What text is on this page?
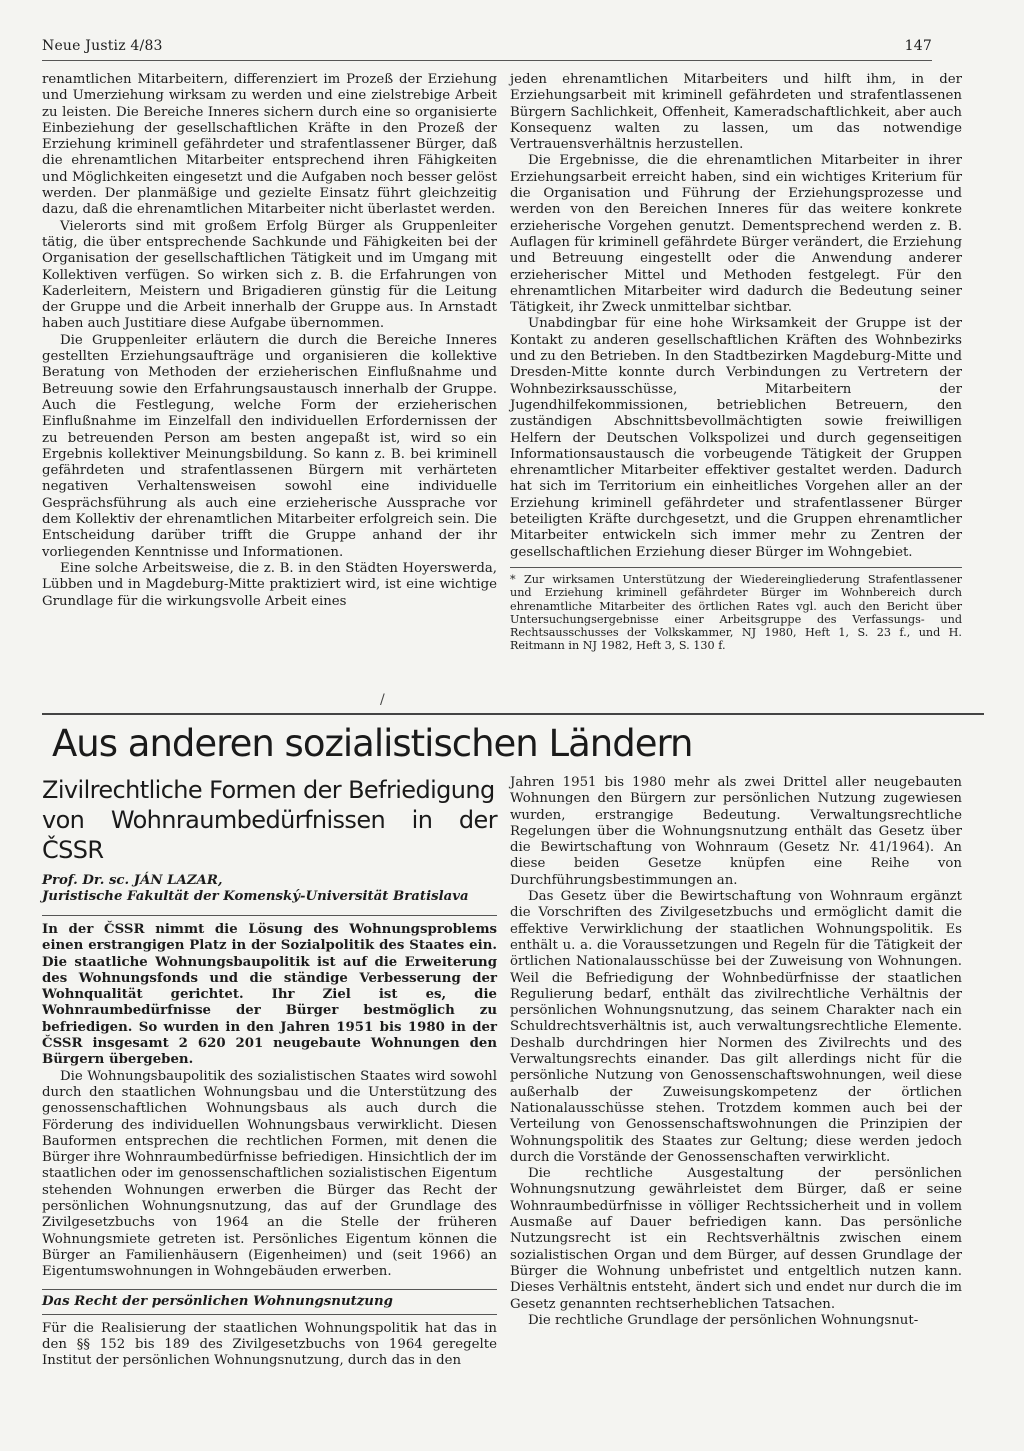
Neue Justiz 4/83	147

renamtlichen Mitarbeitern, differenziert im Prozeß der Erziehung und Umerziehung wirksam zu werden und eine zielstrebige Arbeit zu leisten. Die Bereiche Inneres sichern durch eine so organisierte Einbeziehung der gesellschaftlichen Kräfte in den Prozeß der Erziehung kriminell gefährdeter und strafentlassener Bürger, daß die ehrenamtlichen Mitarbeiter entsprechend ihren Fähigkeiten und Möglichkeiten eingesetzt und die Aufgaben noch besser gelöst werden. Der planmäßige und gezielte Einsatz führt gleichzeitig dazu, daß die ehrenamtlichen Mitarbeiter nicht überlastet werden.

Vielerorts sind mit großem Erfolg Bürger als Gruppenleiter tätig, die über entsprechende Sachkunde und Fähigkeiten bei der Organisation der gesellschaftlichen Tätigkeit und im Umgang mit Kollektiven verfügen. So wirken sich z. B. die Erfahrungen von Kaderleitern, Meistern und Brigadieren günstig für die Leitung der Gruppe und die Arbeit innerhalb der Gruppe aus. In Arnstadt haben auch Justitiare diese Aufgabe übernommen.

Die Gruppenleiter erläutern die durch die Bereiche Inneres gestellten Erziehungsaufträge und organisieren die kollektive Beratung von Methoden der erzieherischen Einflußnahme und Betreuung sowie den Erfahrungsaustausch innerhalb der Gruppe. Auch die Festlegung, welche Form der erzieherischen Einflußnahme im Einzelfall den individuellen Erfordernissen der zu betreuenden Person am besten angepaßt ist, wird so ein Ergebnis kollektiver Meinungsbildung. So kann z. B. bei kriminell gefährdeten und strafentlassenen Bürgern mit verhärteten negativen Verhaltensweisen sowohl eine individuelle Gesprächsführung als auch eine erzieherische Aussprache vor dem Kollektiv der ehrenamtlichen Mitarbeiter erfolgreich sein. Die Entscheidung darüber trifft die Gruppe anhand der ihr vorliegenden Kenntnisse und Informationen.

Eine solche Arbeitsweise, die z. B. in den Städten Hoyerswerda, Lübben und in Magdeburg-Mitte praktiziert wird, ist eine wichtige Grundlage für die wirkungsvolle Arbeit eines

jeden ehrenamtlichen Mitarbeiters und hilft ihm, in der Erziehungsarbeit mit kriminell gefährdeten und strafentlassenen Bürgern Sachlichkeit, Offenheit, Kameradschaftlichkeit, aber auch Konsequenz walten zu lassen, um das notwendige Vertrauensverhältnis herzustellen.

Die Ergebnisse, die die ehrenamtlichen Mitarbeiter in ihrer Erziehungsarbeit erreicht haben, sind ein wichtiges Kriterium für die Organisation und Führung der Erziehungsprozesse und werden von den Bereichen Inneres für das weitere konkrete erzieherische Vorgehen genutzt. Dementsprechend werden z. B. Auflagen für kriminell gefährdete Bürger verändert, die Erziehung und Betreuung eingestellt oder die Anwendung anderer erzieherischer Mittel und Methoden festgelegt. Für den ehrenamtlichen Mitarbeiter wird dadurch die Bedeutung seiner Tätigkeit, ihr Zweck unmittelbar sichtbar.

Unabdingbar für eine hohe Wirksamkeit der Gruppe ist der Kontakt zu anderen gesellschaftlichen Kräften des Wohnbezirks und zu den Betrieben. In den Stadtbezirken Magdeburg-Mitte und Dresden-Mitte konnte durch Verbindungen zu Vertretern der Wohnbezirksausschüsse, Mitarbeitern der Jugendhilfekommissionen, betrieblichen Betreuern, den zuständigen Abschnittsbevollmächtigten sowie freiwilligen Helfern der Deutschen Volkspolizei und durch gegenseitigen Informationsaustausch die vorbeugende Tätigkeit der Gruppen ehrenamtlicher Mitarbeiter effektiver gestaltet werden. Dadurch hat sich im Territorium ein einheitliches Vorgehen aller an der Erziehung kriminell gefährdeter und strafentlassener Bürger beteiligten Kräfte durchgesetzt, und die Gruppen ehrenamtlicher Mitarbeiter entwickeln sich immer mehr zu Zentren der gesellschaftlichen Erziehung dieser Bürger im Wohngebiet.

* Zur wirksamen Unterstützung der Wiedereingliederung Strafentlassener und Erziehung kriminell gefährdeter Bürger im Wohnbereich durch ehrenamtliche Mitarbeiter des örtlichen Rates vgl. auch den Bericht über Untersuchungsergebnisse einer Arbeitsgruppe des Verfassungs- und Rechtsausschusses der Volkskammer, NJ 1980, Heft 1, S. 23 f., und H. Reitmann in NJ 1982, Heft 3, S. 130 f.
/
Aus anderen sozialistischen Ländern
Zivilrechtliche Formen der Befriedigung
von Wohnraumbedürfnissen in der ČSSR
Prof. Dr. sc. JÁN LAZAR,
Juristische Fakultät der Komenský-Universität Bratislava

In der ČSSR nimmt die Lösung des Wohnungsproblems einen erstrangigen Platz in der Sozialpolitik des Staates ein. Die staatliche Wohnungsbaupolitik ist auf die Erweiterung des Wohnungsfonds und die ständige Verbesserung der Wohnqualität gerichtet. Ihr Ziel ist es, die Wohnraumbedürfnisse der Bürger bestmöglich zu befriedigen. So wurden in den Jahren 1951 bis 1980 in der ČSSR insgesamt 2 620 201 neugebaute Wohnungen den Bürgern übergeben.

Die Wohnungsbaupolitik des sozialistischen Staates wird sowohl durch den staatlichen Wohnungsbau und die Unterstützung des genossenschaftlichen Wohnungsbaus als auch durch die Förderung des individuellen Wohnungsbaus verwirklicht. Diesen Bauformen entsprechen die rechtlichen Formen, mit denen die Bürger ihre Wohnraumbedürfnisse befriedigen. Hinsichtlich der im staatlichen oder im genossenschaftlichen sozialistischen Eigentum stehenden Wohnungen erwerben die Bürger das Recht der persönlichen Wohnungsnutzung, das auf der Grundlage des Zivilgesetzbuchs von 1964 an die Stelle der früheren Wohnungsmiete getreten ist. Persönliches Eigentum können die Bürger an Familienhäusern (Eigenheimen) und (seit 1966) an Eigentumswohnungen in Wohngebäuden erwerben.

Das Recht der persönlichen Wohnungsnutzung

Für die Realisierung der staatlichen Wohnungspolitik hat das in den §§ 152 bis 189 des Zivilgesetzbuchs von 1964 geregelte Institut der persönlichen Wohnungsnutzung, durch das in den

Jahren 1951 bis 1980 mehr als zwei Drittel aller neugebauten Wohnungen den Bürgern zur persönlichen Nutzung zugewiesen wurden, erstrangige Bedeutung. Verwaltungsrechtliche Regelungen über die Wohnungsnutzung enthält das Gesetz über die Bewirtschaftung von Wohnraum (Gesetz Nr. 41/1964). An diese beiden Gesetze knüpfen eine Reihe von Durchführungsbestimmungen an.

Das Gesetz über die Bewirtschaftung von Wohnraum ergänzt die Vorschriften des Zivilgesetzbuchs und ermöglicht damit die effektive Verwirklichung der staatlichen Wohnungspolitik. Es enthält u. a. die Voraussetzungen und Regeln für die Tätigkeit der örtlichen Nationalausschüsse bei der Zuweisung von Wohnungen. Weil die Befriedigung der Wohnbedürfnisse der staatlichen Regulierung bedarf, enthält das zivilrechtliche Verhältnis der persönlichen Wohnungsnutzung, das seinem Charakter nach ein Schuldrechtsverhältnis ist, auch verwaltungsrechtliche Elemente. Deshalb durchdringen hier Normen des Zivilrechts und des Verwaltungsrechts einander. Das gilt allerdings nicht für die persönliche Nutzung von Genossenschaftswohnungen, weil diese außerhalb der Zuweisungskompetenz der örtlichen Nationalausschüsse stehen. Trotzdem kommen auch bei der Verteilung von Genossenschaftswohnungen die Prinzipien der Wohnungspolitik des Staates zur Geltung; diese werden jedoch durch die Vorstände der Genossenschaften verwirklicht.

Die rechtliche Ausgestaltung der persönlichen Wohnungsnutzung gewährleistet dem Bürger, daß er seine Wohnraumbedürfnisse in völliger Rechtssicherheit und in vollem Ausmaße auf Dauer befriedigen kann. Das persönliche Nutzungsrecht ist ein Rechtsverhältnis zwischen einem sozialistischen Organ und dem Bürger, auf dessen Grundlage der Bürger die Wohnung unbefristet und entgeltlich nutzen kann. Dieses Verhältnis entsteht, ändert sich und endet nur durch die im Gesetz genannten rechtserheblichen Tatsachen.

Die rechtliche Grundlage der persönlichen Wohnungsnut-
